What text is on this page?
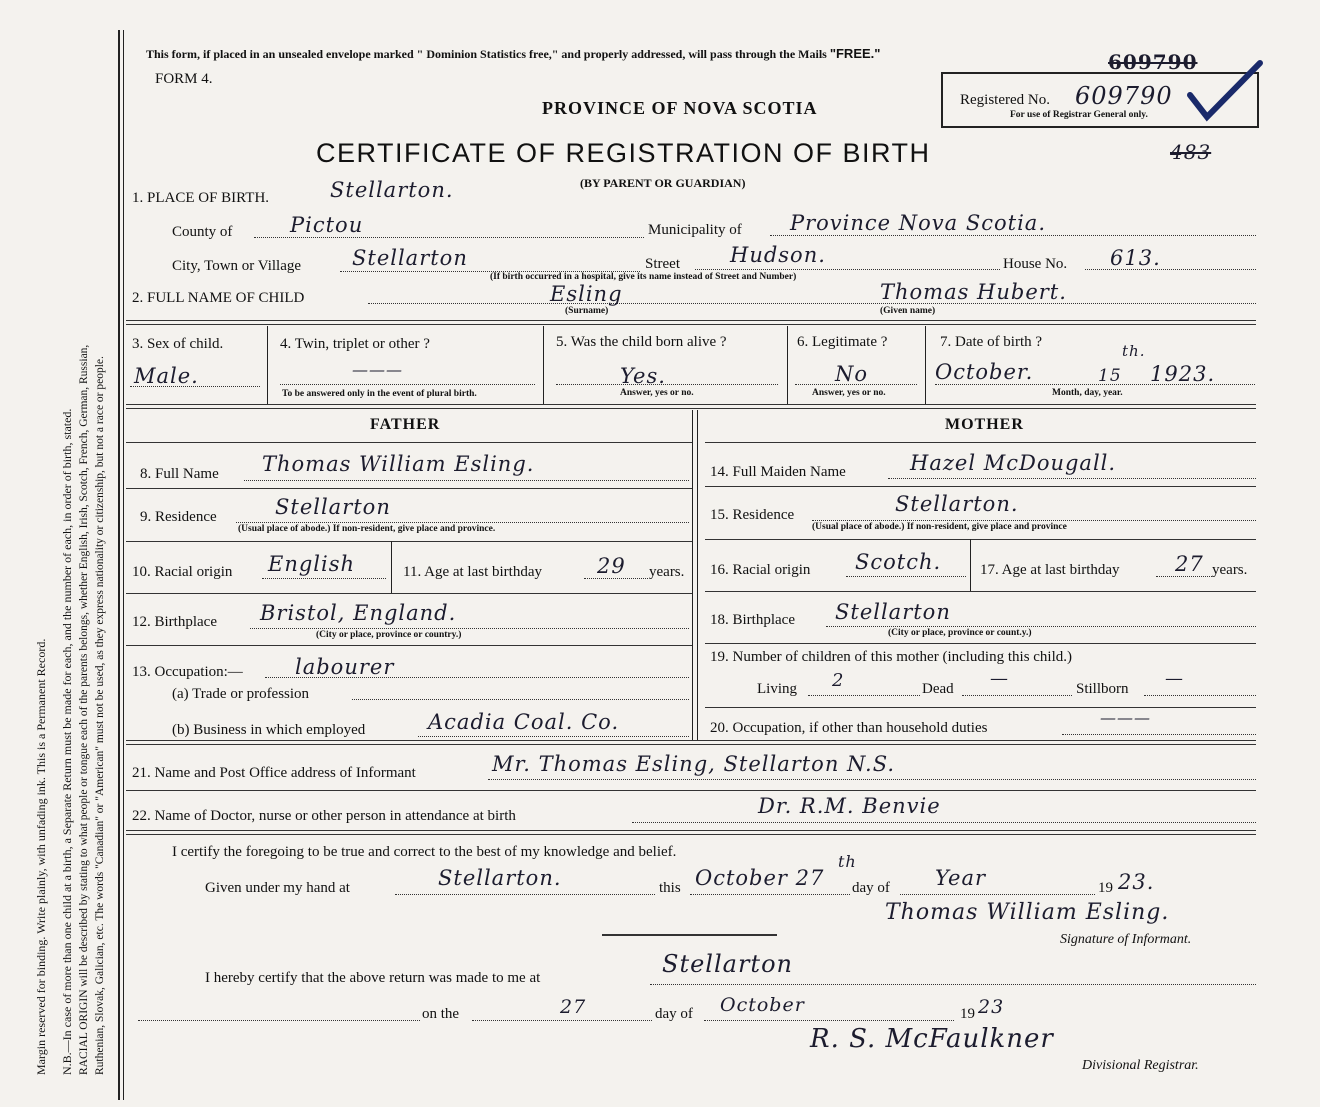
Margin reserved for binding. Write plainly, with unfading ink. This is a Permanent Record. N.B.—In case of more than one child at a birth, a Separate Return must be made for each, and the number of each, in order of birth, stated. RACIAL ORIGIN will be described by stating to what people or tongue each of the parents belongs, whether English, Irish, Scotch, French, German, Russian, Ruthenian, Slovak, Galician, etc. The words "Canadian" or "American" must not be used, as they express nationality or citizenship, but not a race or people.
This form, if placed in an unsealed envelope marked " Dominion Statistics free," and properly addressed, will pass through the Mails "FREE."
FORM 4.
PROVINCE OF NOVA SCOTIA
CERTIFICATE OF REGISTRATION OF BIRTH
(BY PARENT OR GUARDIAN)
Registered No. 609790
609790
For use of Registrar General only.
483
1. PLACE OF BIRTH.	Stellarton.
County of	Pictou	Municipality of Province Nova Scotia.
City, Town or Village Stellarton	Street Hudson.	House No. 613.
(If birth occurred in a hospital, give its name instead of Street and Number)
2. FULL NAME OF CHILD	Esling	Thomas Hubert.
(Surname)	(Given name)
3. Sex of child.
Male.
4. Twin, triplet or other ?
———
To be answered only in the event of plural birth.
5. Was the child born alive ?
Yes.
Answer, yes or no.
6. Legitimate ?
No
Answer, yes or no.
7. Date of birth ?
October.	15
th.
1923.
Month, day, year.
FATHER	MOTHER
8. Full Name Thomas William Esling.
9. Residence	Stellarton
(Usual place of abode.) If non-resident, give place and province.
10. Racial origin English	11. Age at last birthday	29 years.
12. Birthplace Bristol, England.
(City or place, province or country.)
13. Occupation:— labourer
(a) Trade or profession
(b) Business in which employed	Acadia Coal. Co.
14. Full Maiden Name	Hazel McDougall.
15. Residence	Stellarton.
(Usual place of abode.) If non-resident, give place and province
16. Racial origin Scotch.	17. Age at last birthday	27 years.
18. Birthplace Stellarton
(City or place, province or count.y.)
19. Number of children of this mother (including this child.)
Living 2	Dead —	Stillborn —
20. Occupation, if other than household duties
———
21. Name and Post Office address of Informant	Mr. Thomas Esling, Stellarton N.S.
22. Name of Doctor, nurse or other person in attendance at birth	Dr. R.M. Benvie
I certify the foregoing to be true and correct to the best of my knowledge and belief.
Given under my hand at	Stellarton.	this October 27
th
day of Year	19 23.
Thomas William Esling.
Signature of Informant.
I hereby certify that the above return was made to me at	Stellarton
on the	27	day of October	19 23
R. S. McFaulkner
Divisional Registrar.
